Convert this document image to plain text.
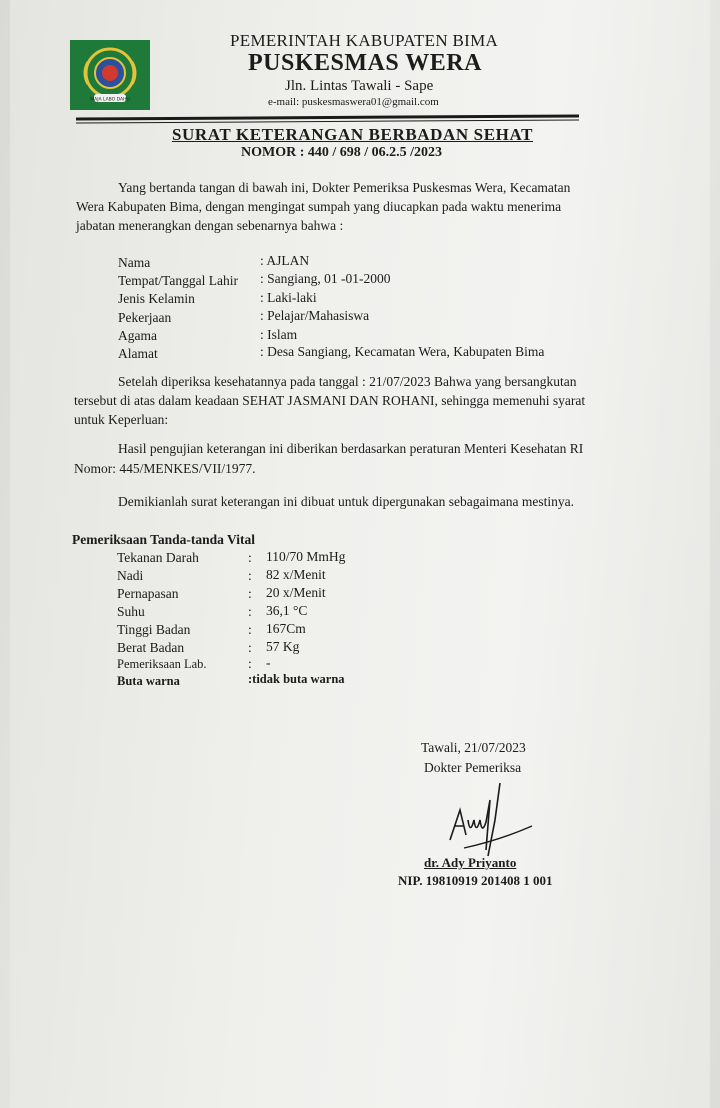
MAJA LABO DAHU
PEMERINTAH KABUPATEN BIMA
PUSKESMAS WERA
Jln. Lintas Tawali - Sape
e-mail: puskesmaswera01@gmail.com
SURAT KETERANGAN BERBADAN SEHAT
NOMOR : 440 / 698 / 06.2.5 /2023
Yang bertanda tangan di bawah ini, Dokter Pemeriksa Puskesmas Wera, Kecamatan
Wera Kabupaten Bima, dengan mengingat sumpah yang diucapkan pada waktu menerima
jabatan menerangkan dengan sebenarnya bahwa :
Nama	: AJLAN
Tempat/Tanggal Lahir : Sangiang, 01 -01-2000
Jenis Kelamin	: Laki-laki
Pekerjaan	: Pelajar/Mahasiswa
Agama	: Islam
Alamat	: Desa Sangiang, Kecamatan Wera, Kabupaten Bima
Setelah diperiksa kesehatannya pada tanggal : 21/07/2023 Bahwa yang bersangkutan
tersebut di atas dalam keadaan SEHAT JASMANI DAN ROHANI, sehingga memenuhi syarat
untuk Keperluan:
Hasil pengujian keterangan ini diberikan berdasarkan peraturan Menteri Kesehatan RI
Nomor: 445/MENKES/VII/1977.
Demikianlah surat keterangan ini dibuat untuk dipergunakan sebagaimana mestinya.
Pemeriksaan Tanda-tanda Vital
Tekanan Darah	: 110/70 MmHg
Nadi	: 82 x/Menit
Pernapasan	: 20 x/Menit
Suhu	: 36,1 °C
Tinggi Badan	: 167Cm
Berat Badan	: 57 Kg
Pemeriksaan Lab.	: -
Buta warna	:tidak buta warna
Tawali, 21/07/2023
Dokter Pemeriksa
dr. Ady Priyanto
NIP. 19810919 201408 1 001
